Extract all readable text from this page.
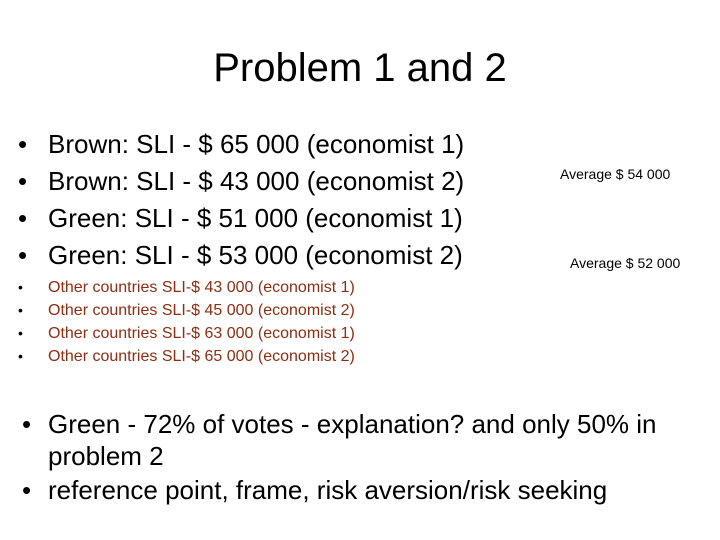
Problem 1 and 2
• Brown: SLI - $ 65 000 (economist 1)
• Brown: SLI - $ 43 000 (economist 2)
• Green: SLI - $ 51 000 (economist 1)
• Green: SLI - $ 53 000 (economist 2)
Average $ 54 000
Average $ 52 000
• Other countries SLI-$ 43 000 (economist 1)
• Other countries SLI-$ 45 000 (economist 2)
• Other countries SLI-$ 63 000 (economist 1)
• Other countries SLI-$ 65 000 (economist 2)
• Green - 72% of votes - explanation? and only 50% in problem 2
• reference point, frame, risk aversion/risk seeking
